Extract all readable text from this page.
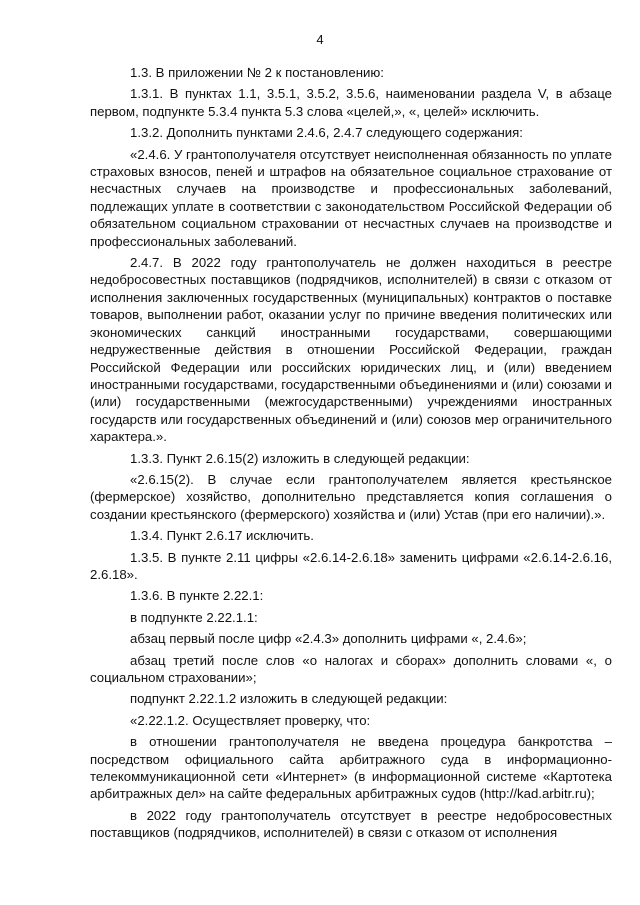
4

1.3. В приложении № 2 к постановлению:

1.3.1. В пунктах 1.1, 3.5.1, 3.5.2, 3.5.6, наименовании раздела V, в абзаце первом, подпункте 5.3.4 пункта 5.3 слова «целей,», «, целей» исключить.

1.3.2. Дополнить пунктами 2.4.6, 2.4.7 следующего содержания:

«2.4.6. У грантополучателя отсутствует неисполненная обязанность по уплате страховых взносов, пеней и штрафов на обязательное социальное страхование от несчастных случаев на производстве и профессиональных заболеваний, подлежащих уплате в соответствии с законодательством Российской Федерации об обязательном социальном страховании от несчастных случаев на производстве и профессиональных заболеваний.

2.4.7. В 2022 году грантополучатель не должен находиться в реестре недобросовестных поставщиков (подрядчиков, исполнителей) в связи с отказом от исполнения заключенных государственных (муниципальных) контрактов о поставке товаров, выполнении работ, оказании услуг по причине введения политических или экономических санкций иностранными государствами, совершающими недружественные действия в отношении Российской Федерации, граждан Российской Федерации или российских юридических лиц, и (или) введением иностранными государствами, государственными объединениями и (или) союзами и (или) государственными (межгосударственными) учреждениями иностранных государств или государственных объединений и (или) союзов мер ограничительного характера.».

1.3.3. Пункт 2.6.15(2) изложить в следующей редакции:

«2.6.15(2). В случае если грантополучателем является крестьянское (фермерское) хозяйство, дополнительно представляется копия соглашения о создании крестьянского (фермерского) хозяйства и (или) Устав (при его наличии).».

1.3.4. Пункт 2.6.17 исключить.

1.3.5. В пункте 2.11 цифры «2.6.14-2.6.18» заменить цифрами «2.6.14-2.6.16, 2.6.18».

1.3.6. В пункте 2.22.1:

в подпункте 2.22.1.1:

абзац первый после цифр «2.4.3» дополнить цифрами «, 2.4.6»;

абзац третий после слов «о налогах и сборах» дополнить словами «, о социальном страховании»;

подпункт 2.22.1.2 изложить в следующей редакции:

«2.22.1.2. Осуществляет проверку, что:

в отношении грантополучателя не введена процедура банкротства – посредством официального сайта арбитражного суда в информационно-телекоммуникационной сети «Интернет» (в информационной системе «Картотека арбитражных дел» на сайте федеральных арбитражных судов (http://kad.arbitr.ru);

в 2022 году грантополучатель отсутствует в реестре недобросовестных поставщиков (подрядчиков, исполнителей) в связи с отказом от исполнения
